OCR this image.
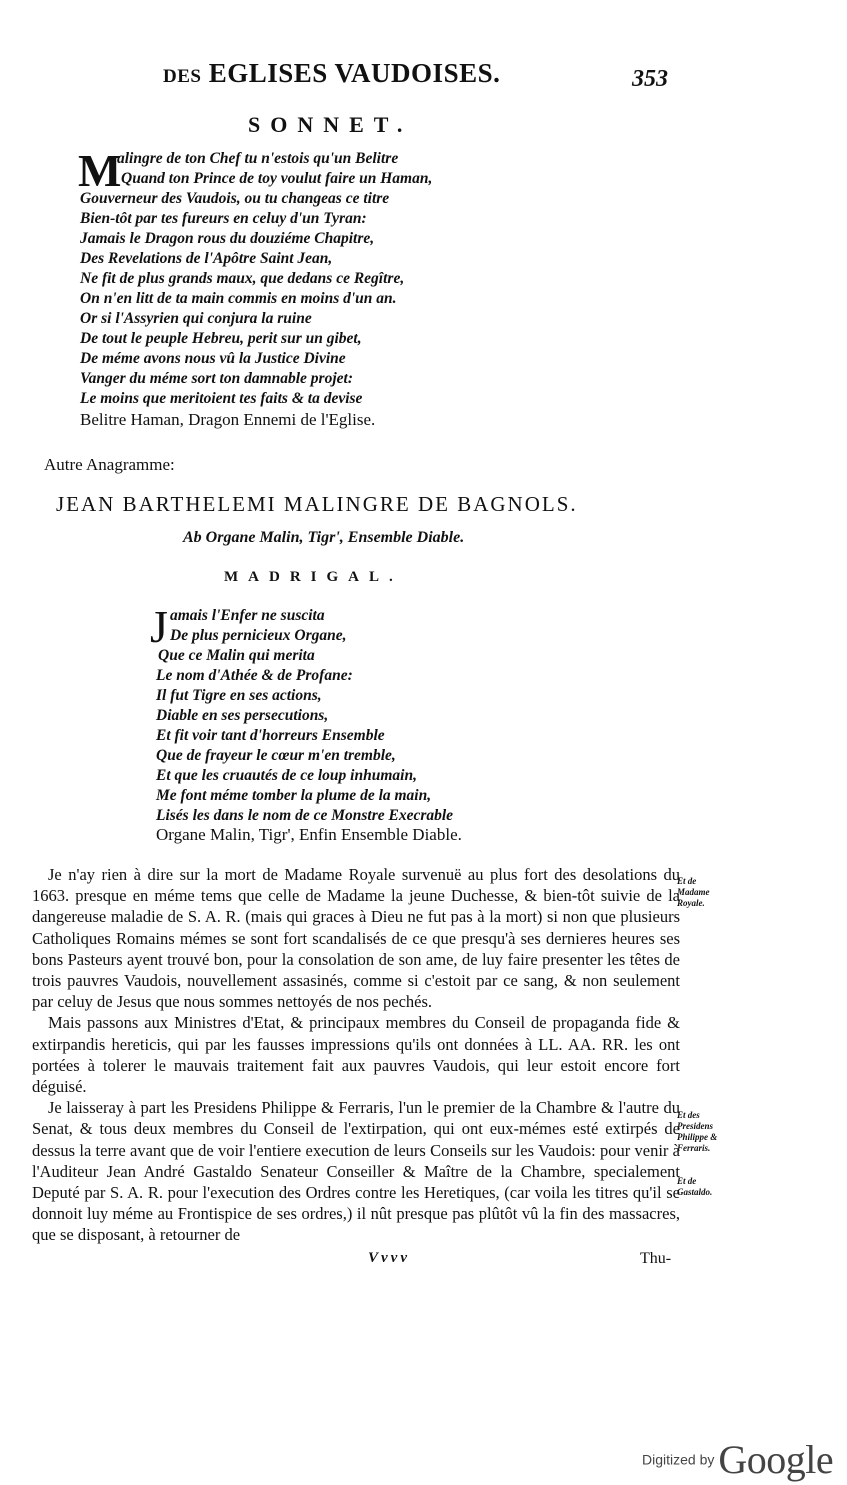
des EGLISES VAUDOISES.	353
SONNET.
M
alingre de ton Chef tu n'estois qu'un Belitre
Quand ton Prince de toy voulut faire un Haman,
Gouverneur des Vaudois, ou tu changeas ce titre
Bien-tôt par tes fureurs en celuy d'un Tyran:
Jamais le Dragon rous du douziéme Chapitre,
Des Revelations de l'Apôtre Saint Jean,
Ne fit de plus grands maux, que dedans ce Regître,
On n'en litt de ta main commis en moins d'un an.
Or si l'Assyrien qui conjura la ruine
De tout le peuple Hebreu, perit sur un gibet,
De méme avons nous vû la Justice Divine
Vanger du méme sort ton damnable projet:
Le moins que meritoient tes faits & ta devise
Belitre Haman, Dragon Ennemi de l'Eglise.
Autre Anagramme:
JEAN BARTHELEMI MALINGRE DE BAGNOLS.
Ab Organe Malin, Tigr', Ensemble Diable.
MADRIGAL.
J amais l'Enfer ne suscita
De plus pernicieux Organe,
Que ce Malin qui merita
Le nom d'Athée & de Profane:
Il fut Tigre en ses actions,
Diable en ses persecutions,
Et fit voir tant d'horreurs Ensemble
Que de frayeur le cœur m'en tremble,
Et que les cruautés de ce loup inhumain,
Me font méme tomber la plume de la main,
Lisés les dans le nom de ce Monstre Execrable
Organe Malin, Tigr', Enfin Ensemble Diable.

Je n'ay rien à dire sur la mort de Madame Royale survenuë au plus fort des desolations du 1663. presque en méme tems que celle de Madame la jeune Duchesse, & bien-tôt suivie de la dangereuse maladie de S. A. R. (mais qui graces à Dieu ne fut pas à la mort) si non que plusieurs Catholiques Romains mémes se sont fort scandalisés de ce que presqu'à ses dernieres heures ses bons Pasteurs ayent trouvé bon, pour la consolation de son ame, de luy faire presenter les têtes de trois pauvres Vaudois, nouvellement assasinés, comme si c'estoit par ce sang, & non seulement par celuy de Jesus que nous sommes nettoyés de nos pechés.

Mais passons aux Ministres d'Etat, & principaux membres du Conseil de propaganda fide & extirpandis hereticis, qui par les fausses impressions qu'ils ont données à LL. AA. RR. les ont portées à tolerer le mauvais traitement fait aux pauvres Vaudois, qui leur estoit encore fort déguisé.

Je laisseray à part les Presidens Philippe & Ferraris, l'un le premier de la Chambre & l'autre du Senat, & tous deux membres du Conseil de l'extirpation, qui ont eux-mémes esté extirpés de dessus la terre avant que de voir l'entiere execution de leurs Conseils sur les Vaudois: pour venir à l'Auditeur Jean André Gastaldo Senateur Conseiller & Maître de la Chambre, specialement Deputé par S. A. R. pour l'execution des Ordres contre les Heretiques, (car voila les titres qu'il se donnoit luy méme au Frontispice de ses ordres,) il nût presque pas plûtôt vû la fin des massacres, que se disposant, à retourner de

Et de Madame Royale.
Et des Presidens Philippe & Ferraris.
Et de Gastaldo.
Vvvv	Thu-
Digitized by Google
